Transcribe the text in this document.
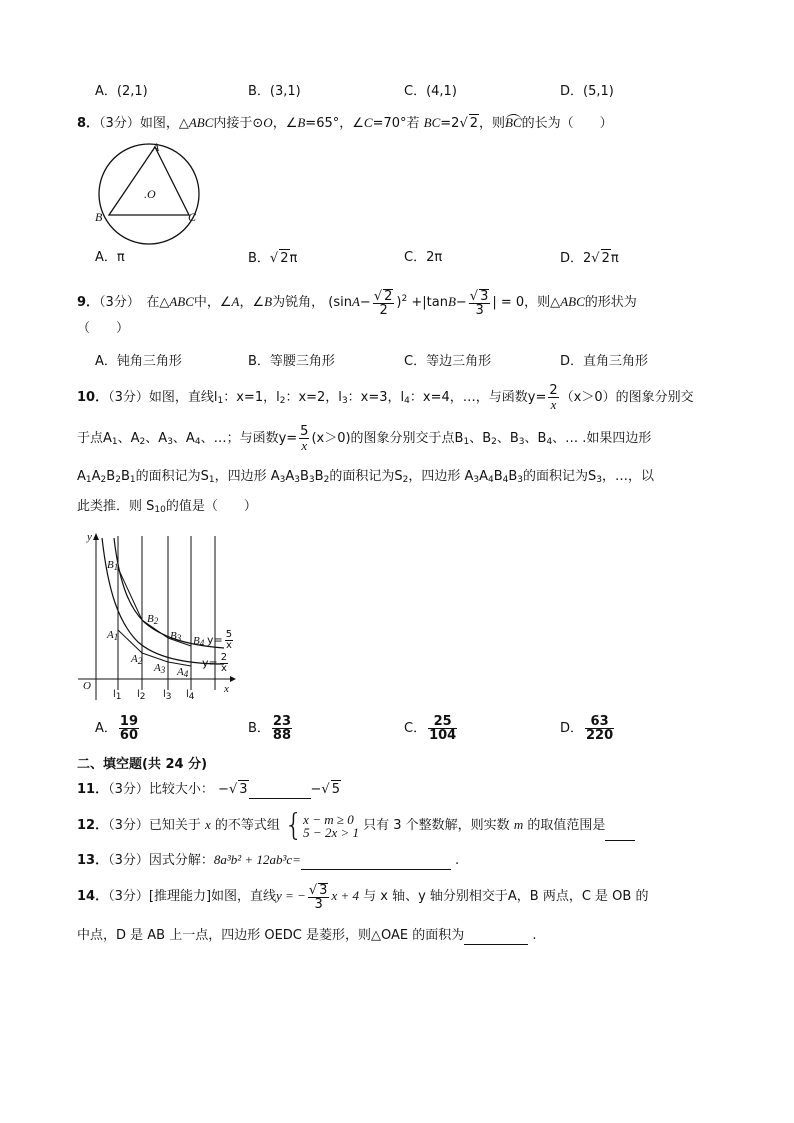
A．(2,1)	B．(3,1)	C．(4,1)	D．(5,1)
8．（3分）如图，△ABC内接于⊙O，∠B=65°，∠C=70°若 BC=2√ 2，则BC的长为（　　）
A
B	C
.O
A．π	B．√ 2π	C．2π	D．2√ 2π
9．（3分）　在△ABC中，∠A，∠B为锐角， $(\sin A- \frac{√ 2}{2} )^2 +|\tan B- \frac{√ 3}{3}$ | = 0，则△ABC的形状为
（　　）
A．钝角三角形	B．等腰三角形	C．等边三角形	D．直角三角形
10．（3分）如图，直线$l_1$：x=1，$l_2$：x=2，$l_3$：x=3，$l_4$：x=4，…，与函数$y= \frac{2}{x} (x>0)$的图象分别交
于点$A_1$、$A_2$、$A_3$、$A_4$、…；与函数$y= \frac{5}{x} (x>0)$的图象分别交于点$B_1$、$B_2$、$B_3$、$B_4$、… .如果四边形
$A_1A_2B_2B_1$的面积记为$S_1$，四边形 $A_3A_3B_3B_2$的面积记为$S_2$，四边形 $A_3A_4B_4B_3$的面积记为$S_3$，…，以
此类推．则 $S_{10}$的值是（　　）
y
x
O
$B_1$
$B_2$
$B_3$ $B_4$
$A_1$
$A_2$
$A_3$ $A_4$
$y= \frac{5}{x}$
$y= \frac{2}{x}$
$l_1$ $l_2$ $l_3$ $l_4$
A． $\frac{19}{60}$	B． $\frac{23}{88}$	C． $\frac{25}{104}$	D． $\frac{63}{220}$
二、填空题(共 24 分)
11．（3分）比较大小： −√ 3	−√ 5
12．（3分）已知关于 x 的不等式组 { x − m ≥ 0
5 − 2x > 1 只有 3 个整数解，则实数 m 的取值范围是
13．（3分）因式分解：8a³b² + 12ab³c=	.
14．（3分）[推理能力]如图，直线y = − $\frac{√ 3}{3}$ x + 4 与 x 轴、y 轴分别相交于A，B 两点，C 是 OB 的
中点，D 是 AB 上一点，四边形 OEDC 是菱形，则△OAE 的面积为	.
